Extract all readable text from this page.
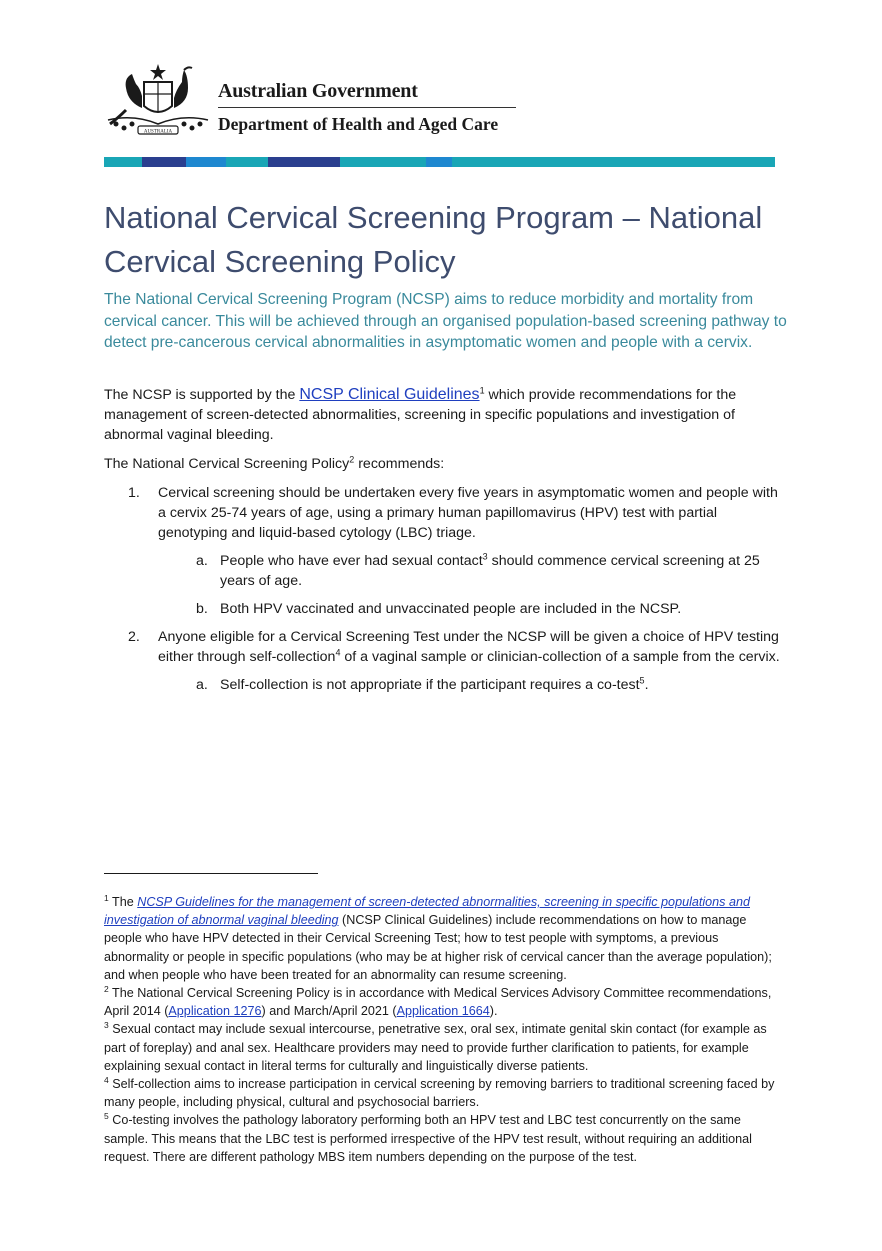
AUSTRALIA
Australian Government
Department of Health and Aged Care
National Cervical Screening Program – National Cervical Screening Policy

The National Cervical Screening Program (NCSP) aims to reduce morbidity and mortality from cervical cancer. This will be achieved through an organised population-based screening pathway to detect pre-cancerous cervical abnormalities in asymptomatic women and people with a cervix.

The NCSP is supported by the NCSP Clinical Guidelines$^1$ which provide recommendations for the management of screen-detected abnormalities, screening in specific populations and investigation of abnormal vaginal bleeding.

The National Cervical Screening Policy$^2$ recommends:

1. Cervical screening should be undertaken every five years in asymptomatic women and people with a cervix 25-74 years of age, using a primary human papillomavirus (HPV) test with partial genotyping and liquid-based cytology (LBC) triage.
a. People who have ever had sexual contact$^3$ should commence cervical screening at 25 years of age.
b. Both HPV vaccinated and unvaccinated people are included in the NCSP.
2. Anyone eligible for a Cervical Screening Test under the NCSP will be given a choice of HPV testing either through self-collection$^4$ of a vaginal sample or clinician-collection of a sample from the cervix.
a. Self-collection is not appropriate if the participant requires a co-test$^5$.

$^1$ The NCSP Guidelines for the management of screen-detected abnormalities, screening in specific populations and investigation of abnormal vaginal bleeding (NCSP Clinical Guidelines) include recommendations on how to manage people who have HPV detected in their Cervical Screening Test; how to test people with symptoms, a previous abnormality or people in specific populations (who may be at higher risk of cervical cancer than the average population); and when people who have been treated for an abnormality can resume screening.

$^2$ The National Cervical Screening Policy is in accordance with Medical Services Advisory Committee recommendations, April 2014 (Application 1276) and March/April 2021 (Application 1664).

$^3$ Sexual contact may include sexual intercourse, penetrative sex, oral sex, intimate genital skin contact (for example as part of foreplay) and anal sex. Healthcare providers may need to provide further clarification to patients, for example explaining sexual contact in literal terms for culturally and linguistically diverse patients.

$^4$ Self-collection aims to increase participation in cervical screening by removing barriers to traditional screening faced by many people, including physical, cultural and psychosocial barriers.

$^5$ Co-testing involves the pathology laboratory performing both an HPV test and LBC test concurrently on the same sample. This means that the LBC test is performed irrespective of the HPV test result, without requiring an additional request. There are different pathology MBS item numbers depending on the purpose of the test.
